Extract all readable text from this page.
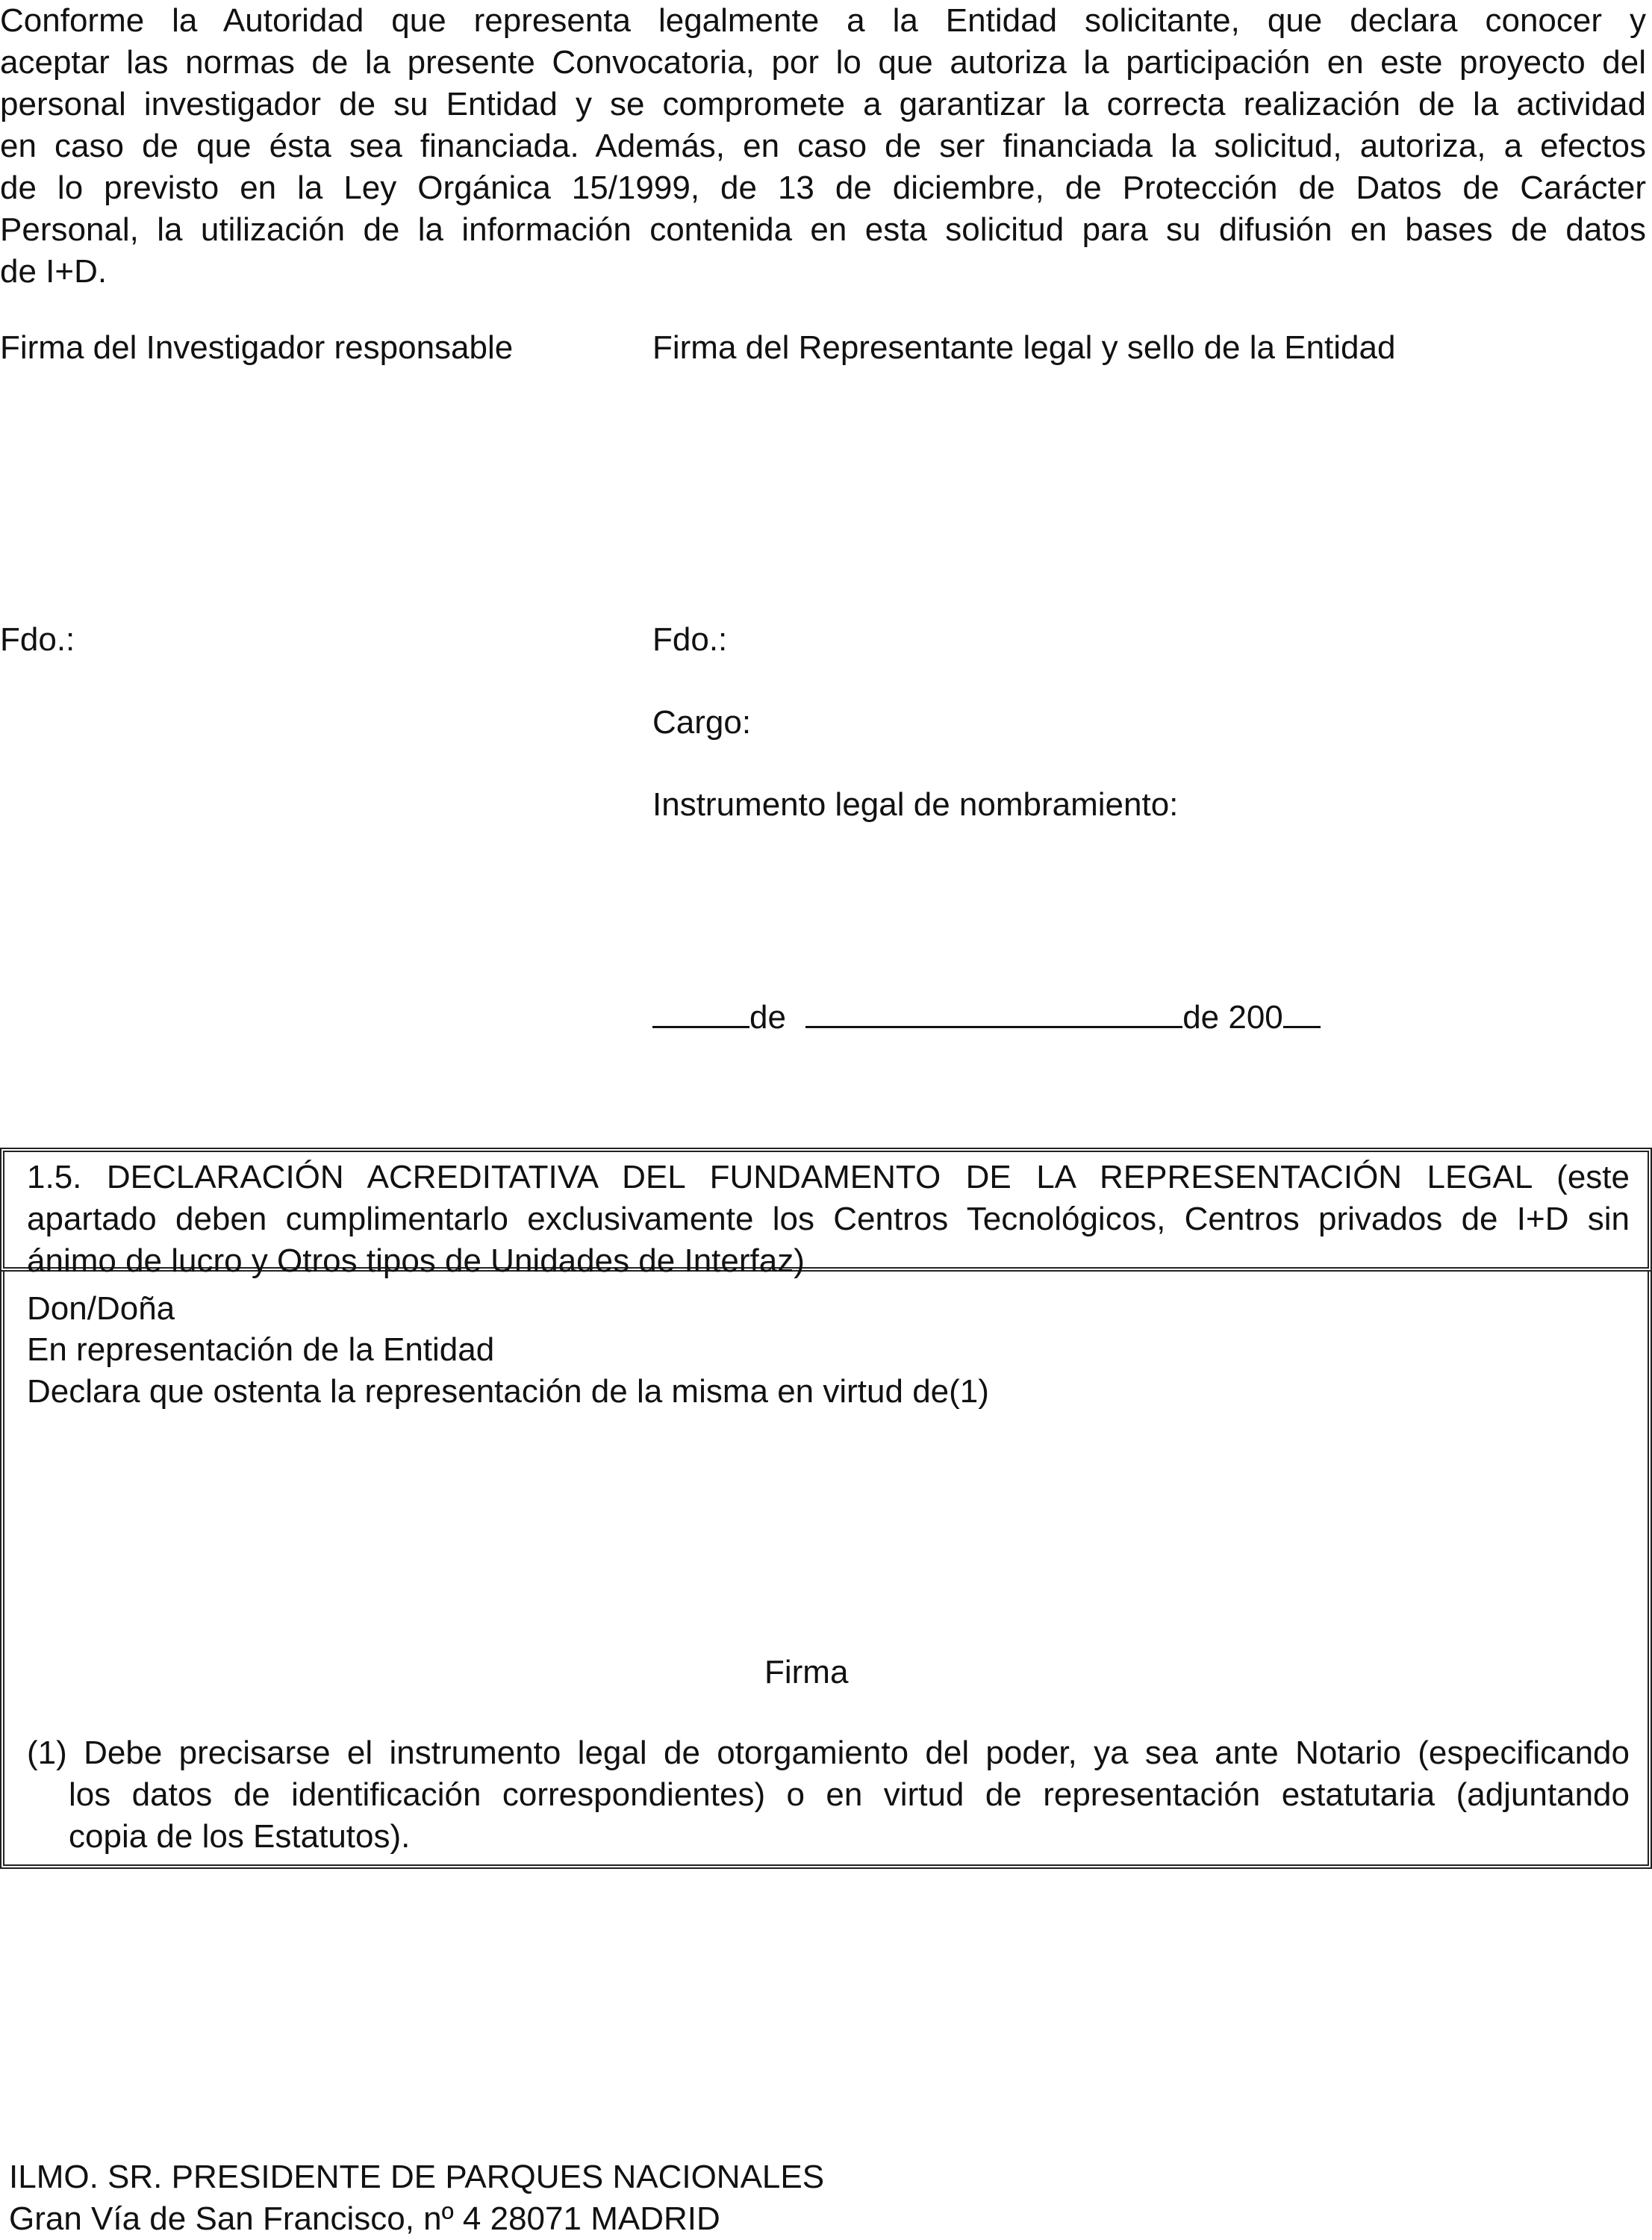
Conforme la Autoridad que representa legalmente a la Entidad solicitante, que declara conocer y
aceptar las normas de la presente Convocatoria, por lo que autoriza la participación en este proyecto del
personal investigador de su Entidad y se compromete a garantizar la correcta realización de la actividad
en caso de que ésta sea financiada. Además, en caso de ser financiada la solicitud, autoriza, a efectos
de lo previsto en la Ley Orgánica 15/1999, de 13 de diciembre, de Protección de Datos de Carácter
Personal, la utilización de la información contenida en esta solicitud para su difusión en bases de datos
de I+D.
Firma del Investigador responsable	Firma del Representante legal y sello de la Entidad
Fdo.:	Fdo.:
Cargo:
Instrumento legal de nombramiento:
de	de 200
1.5. DECLARACIÓN ACREDITATIVA DEL FUNDAMENTO DE LA REPRESENTACIÓN LEGAL (este
apartado deben cumplimentarlo exclusivamente los Centros Tecnológicos, Centros privados de I+D sin
ánimo de lucro y Otros tipos de Unidades de Interfaz)
Don/Doña
En representación de la Entidad
Declara que ostenta la representación de la misma en virtud de(1)
Firma
(1) Debe precisarse el instrumento legal de otorgamiento del poder, ya sea ante Notario (especificando
los datos de identificación correspondientes) o en virtud de representación estatutaria (adjuntando
copia de los Estatutos).
ILMO. SR. PRESIDENTE DE PARQUES NACIONALES
Gran Vía de San Francisco, nº 4 28071 MADRID
